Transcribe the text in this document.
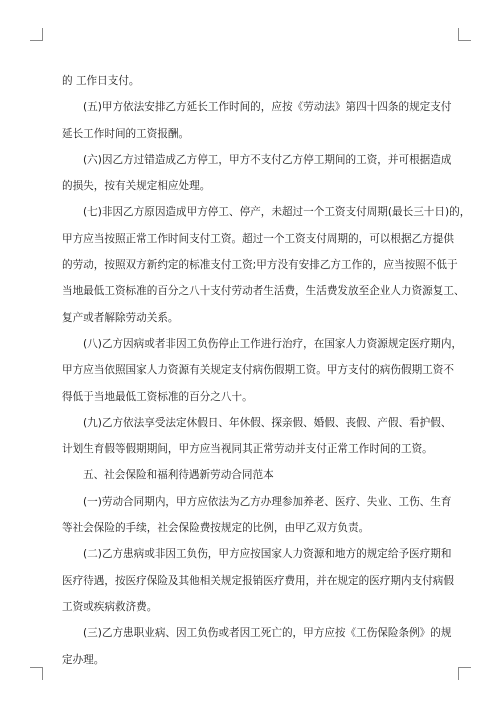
的 工作日支付。

(五)甲方依法安排乙方延长工作时间的，应按《劳动法》第四十四条的规定支付
延长工作时间的工资报酬。

(六)因乙方过错造成乙方停工，甲方不支付乙方停工期间的工资，并可根据造成
的损失，按有关规定相应处理。

(七)非因乙方原因造成甲方停工、停产，未超过一个工资支付周期(最长三十日)的，
甲方应当按照正常工作时间支付工资。超过一个工资支付周期的，可以根据乙方提供
的劳动，按照双方新约定的标准支付工资;甲方没有安排乙方工作的，应当按照不低于
当地最低工资标准的百分之八十支付劳动者生活费，生活费发放至企业人力资源复工、
复产或者解除劳动关系。

(八)乙方因病或者非因工负伤停止工作进行治疗，在国家人力资源规定医疗期内，
甲方应当依照国家人力资源有关规定支付病伤假期工资。甲方支付的病伤假期工资不
得低于当地最低工资标准的百分之八十。

(九)乙方依法享受法定休假日、年休假、探亲假、婚假、丧假、产假、看护假、
计划生育假等假期期间，甲方应当视同其正常劳动并支付正常工作时间的工资。

五、社会保险和福利待遇新劳动合同范本

(一)劳动合同期内，甲方应依法为乙方办理参加养老、医疗、失业、工伤、生育
等社会保险的手续，社会保险费按规定的比例，由甲乙双方负责。

(二)乙方患病或非因工负伤，甲方应按国家人力资源和地方的规定给予医疗期和
医疗待遇，按医疗保险及其他相关规定报销医疗费用，并在规定的医疗期内支付病假
工资或疾病救济费。

(三)乙方患职业病、因工负伤或者因工死亡的，甲方应按《工伤保险条例》的规
定办理。
